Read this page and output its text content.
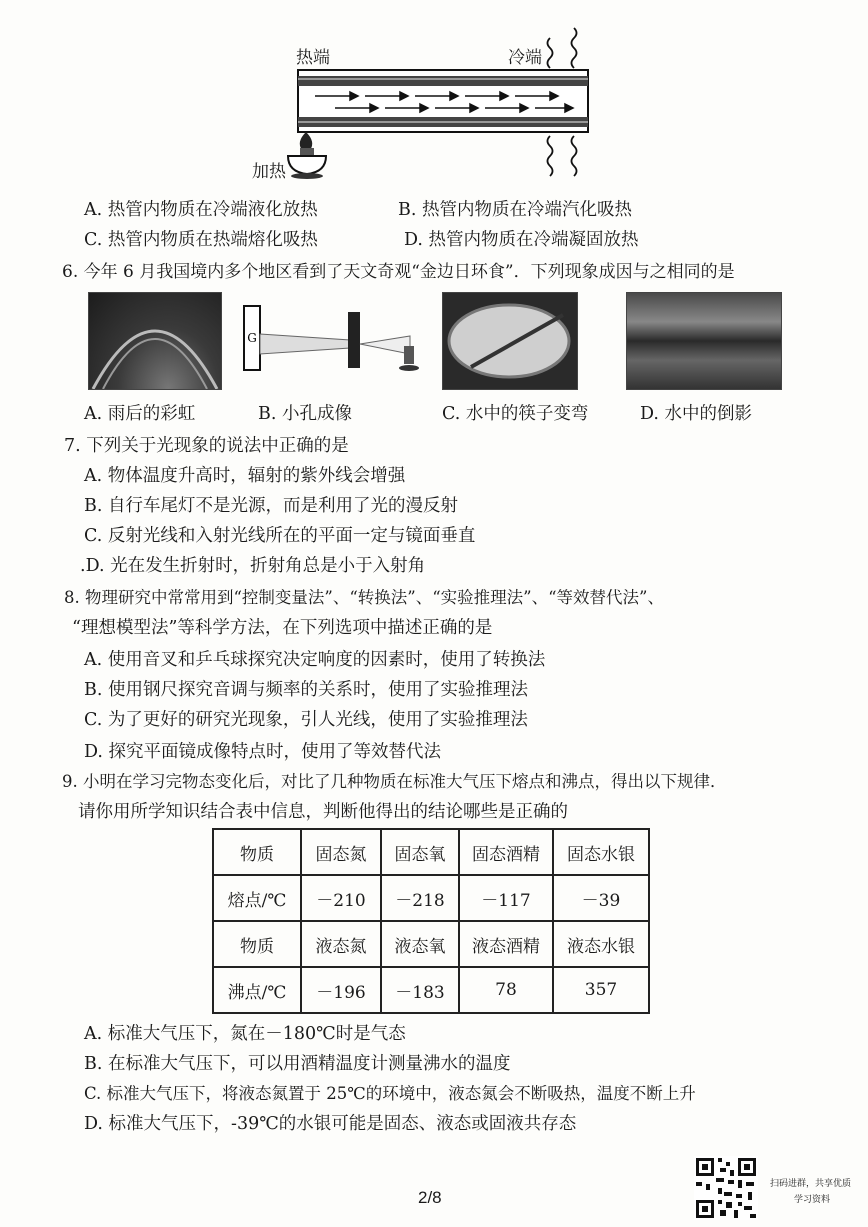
热端	冷端
加热
A. 热管内物质在冷端液化放热	B. 热管内物质在冷端汽化吸热
C. 热管内物质在热端熔化吸热	D. 热管内物质在冷端凝固放热
6. 今年 6 月我国境内多个地区看到了天文奇观“金边日环食”．下列现象成因与之相同的是
G
A. 雨后的彩虹	B. 小孔成像	C. 水中的筷子变弯	D. 水中的倒影
7. 下列关于光现象的说法中正确的是
A. 物体温度升高时，辐射的紫外线会增强
B. 自行车尾灯不是光源，而是利用了光的漫反射
C. 反射光线和入射光线所在的平面一定与镜面垂直
.D. 光在发生折射时，折射角总是小于入射角
8. 物理研究中常常用到“控制变量法”、“转换法”、“实验推理法”、“等效替代法”、
“理想模型法”等科学方法，在下列选项中描述正确的是
A. 使用音叉和乒乓球探究决定响度的因素时，使用了转换法
B. 使用钢尺探究音调与频率的关系时，使用了实验推理法
C. 为了更好的研究光现象，引人光线，使用了实验推理法
D. 探究平面镜成像特点时，使用了等效替代法
9. 小明在学习完物态变化后，对比了几种物质在标准大气压下熔点和沸点，得出以下规律．
请你用所学知识结合表中信息，判断他得出的结论哪些是正确的
物质	固态氮	固态氧	固态酒精	固态水银
熔点/℃	－210	－218	－117	－39
物质	液态氮	液态氧	液态酒精	液态水银
沸点/℃	－196	－183	78	357
A. 标准大气压下，氮在－180℃时是气态
B. 在标准大气压下，可以用酒精温度计测量沸水的温度
C. 标准大气压下，将液态氮置于 25℃的环境中，液态氮会不断吸热，温度不断上升
D. 标准大气压下，-39℃的水银可能是固态、液态或固液共存态
2/8
扫码进群，共享优质
学习资料
